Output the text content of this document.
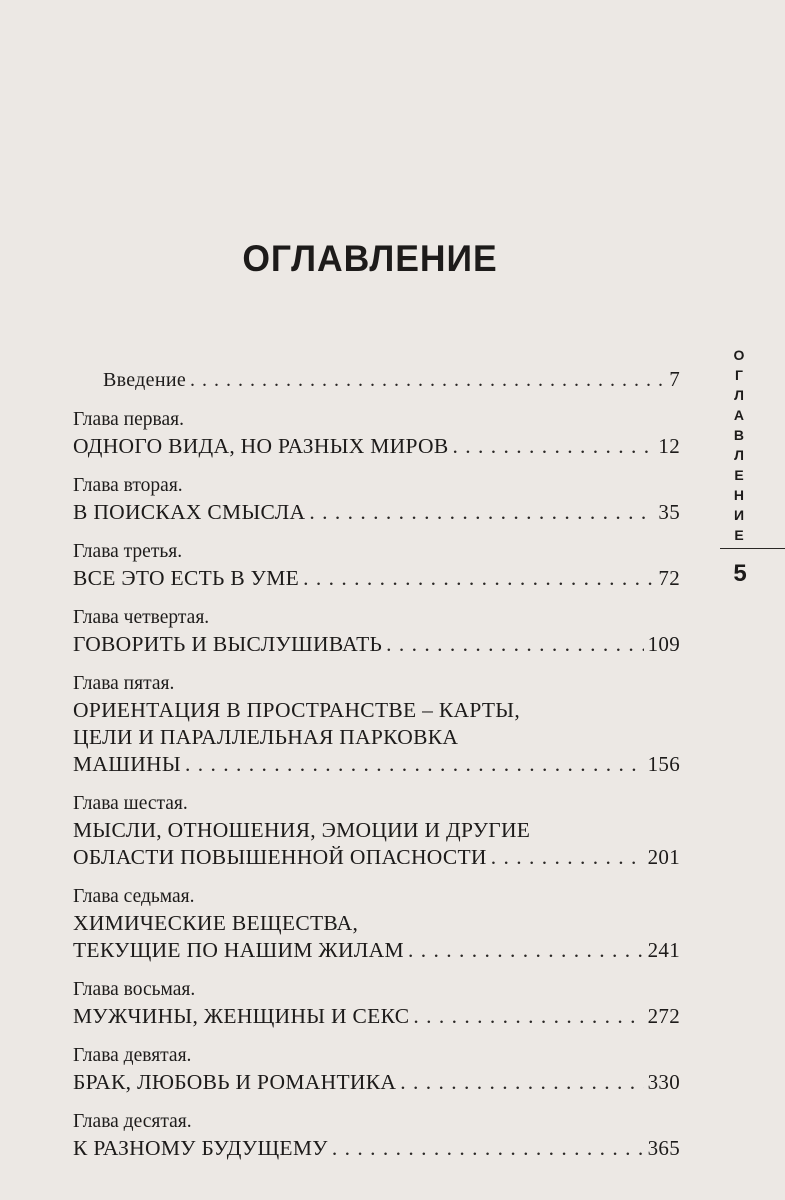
ОГЛАВЛЕНИЕ
Введение . . .	7
Глава первая.
ОДНОГО ВИДА, НО РАЗНЫХ МИРОВ . . .	12
Глава вторая.
В ПОИСКАХ СМЫСЛА . . .	35
Глава третья.
ВСЕ ЭТО ЕСТЬ В УМЕ . . .	72
Глава четвертая.
ГОВОРИТЬ И ВЫСЛУШИВАТЬ . . .	109
Глава пятая.
ОРИЕНТАЦИЯ В ПРОСТРАНСТВЕ – КАРТЫ,
ЦЕЛИ И ПАРАЛЛЕЛЬНАЯ ПАРКОВКА
МАШИНЫ . . .	156
Глава шестая.
МЫСЛИ, ОТНОШЕНИЯ, ЭМОЦИИ И ДРУГИЕ
ОБЛАСТИ ПОВЫШЕННОЙ ОПАСНОСТИ . . .	201
Глава седьмая.
ХИМИЧЕСКИЕ ВЕЩЕСТВА,
ТЕКУЩИЕ ПО НАШИМ ЖИЛАМ . . .	241
Глава восьмая.
МУЖЧИНЫ, ЖЕНЩИНЫ И СЕКС . . .	272
Глава девятая.
БРАК, ЛЮБОВЬ И РОМАНТИКА . . .	330
Глава десятая.
К РАЗНОМУ БУДУЩЕМУ . . .	365
О
Г
Л
А
В
Л
Е
Н
И
Е
5
